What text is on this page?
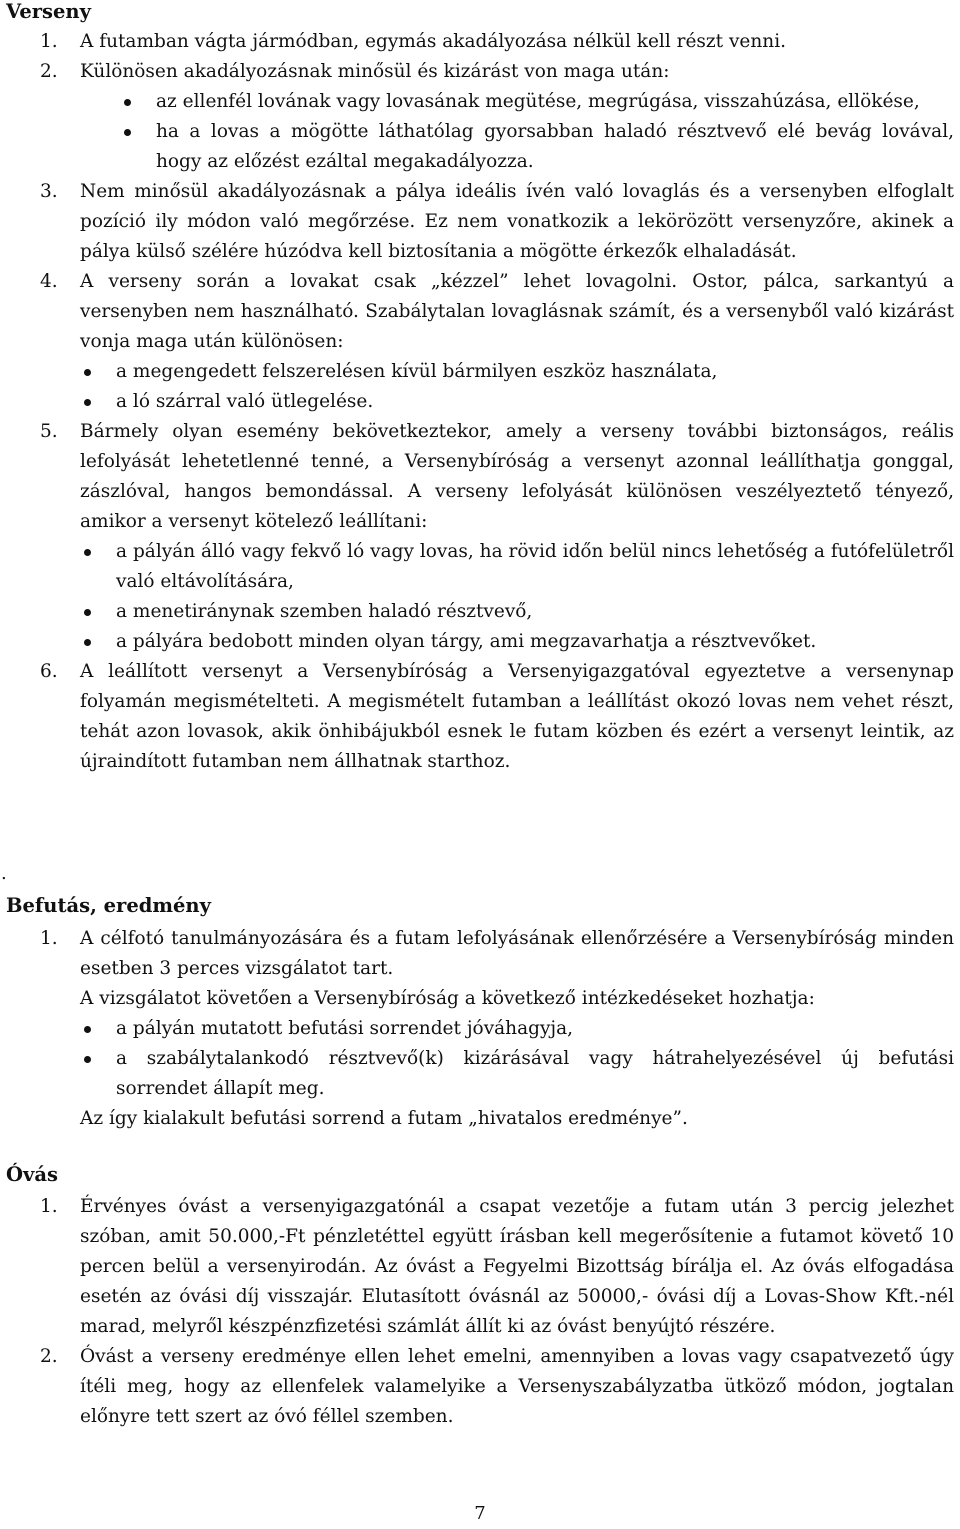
Verseny
1. A futamban vágta jármódban, egymás akadályozása nélkül kell részt venni.

2. Különösen akadályozásnak minősül és kizárást von maga után:

az ellenfél lovának vagy lovasának megütése, megrúgása, visszahúzása, ellökése,
ha a lovas a mögötte láthatólag gyorsabban haladó résztvevő elé bevág lovával, hogy az előzést ezáltal megakadályozza.
3. Nem minősül akadályozásnak a pálya ideális ívén való lovaglás és a versenyben elfoglalt pozíció ily módon való megőrzése. Ez nem vonatkozik a lekörözött versenyzőre, akinek a pálya külső szélére húzódva kell biztosítania a mögötte érkezők elhaladását.

4. A verseny során a lovakat csak „kézzel” lehet lovagolni. Ostor, pálca, sarkantyú a versenyben nem használható. Szabálytalan lovaglásnak számít, és a versenyből való kizárást vonja maga után különösen:

a megengedett felszerelésen kívül bármilyen eszköz használata,
a ló szárral való ütlegelése.
5. Bármely olyan esemény bekövetkeztekor, amely a verseny további biztonságos, reális lefolyását lehetetlenné tenné, a Versenybíróság a versenyt azonnal leállíthatja gonggal, zászlóval, hangos bemondással. A verseny lefolyását különösen veszélyeztető tényező, amikor a versenyt kötelező leállítani:

a pályán álló vagy fekvő ló vagy lovas, ha rövid időn belül nincs lehetőség a futófelületről való eltávolítására,
a menetiránynak szemben haladó résztvevő,
a pályára bedobott minden olyan tárgy, ami megzavarhatja a résztvevőket.
6. A leállított versenyt a Versenybíróság a Versenyigazgatóval egyeztetve a versenynap folyamán megismételteti. A megismételt futamban a leállítást okozó lovas nem vehet részt, tehát azon lovasok, akik önhibájukból esnek le futam közben és ezért a versenyt leintik, az újraindított futamban nem állhatnak starthoz.

.
Befutás, eredmény
1. A célfotó tanulmányozására és a futam lefolyásának ellenőrzésére a Versenybíróság minden esetben 3 perces vizsgálatot tart.

A vizsgálatot követően a Versenybíróság a következő intézkedéseket hozhatja:

a pályán mutatott befutási sorrendet jóváhagyja,
a szabálytalankodó résztvevő(k) kizárásával vagy hátrahelyezésével új befutási sorrendet állapít meg.

Az így kialakult befutási sorrend a futam „hivatalos eredménye”.

Óvás
1. Érvényes óvást a versenyigazgatónál a csapat vezetője a futam után 3 percig jelezhet szóban, amit 50.000,-Ft pénzletéttel együtt írásban kell megerősítenie a futamot követő 10 percen belül a versenyirodán. Az óvást a Fegyelmi Bizottság bírálja el. Az óvás elfogadása esetén az óvási díj visszajár. Elutasított óvásnál az 50000,- óvási díj a Lovas-Show Kft.-nél marad, melyről készpénzfizetési számlát állít ki az óvást benyújtó részére.

2. Óvást a verseny eredménye ellen lehet emelni, amennyiben a lovas vagy csapatvezető úgy ítéli meg, hogy az ellenfelek valamelyike a Versenyszabályzatba ütköző módon, jogtalan előnyre tett szert az óvó féllel szemben.

7
